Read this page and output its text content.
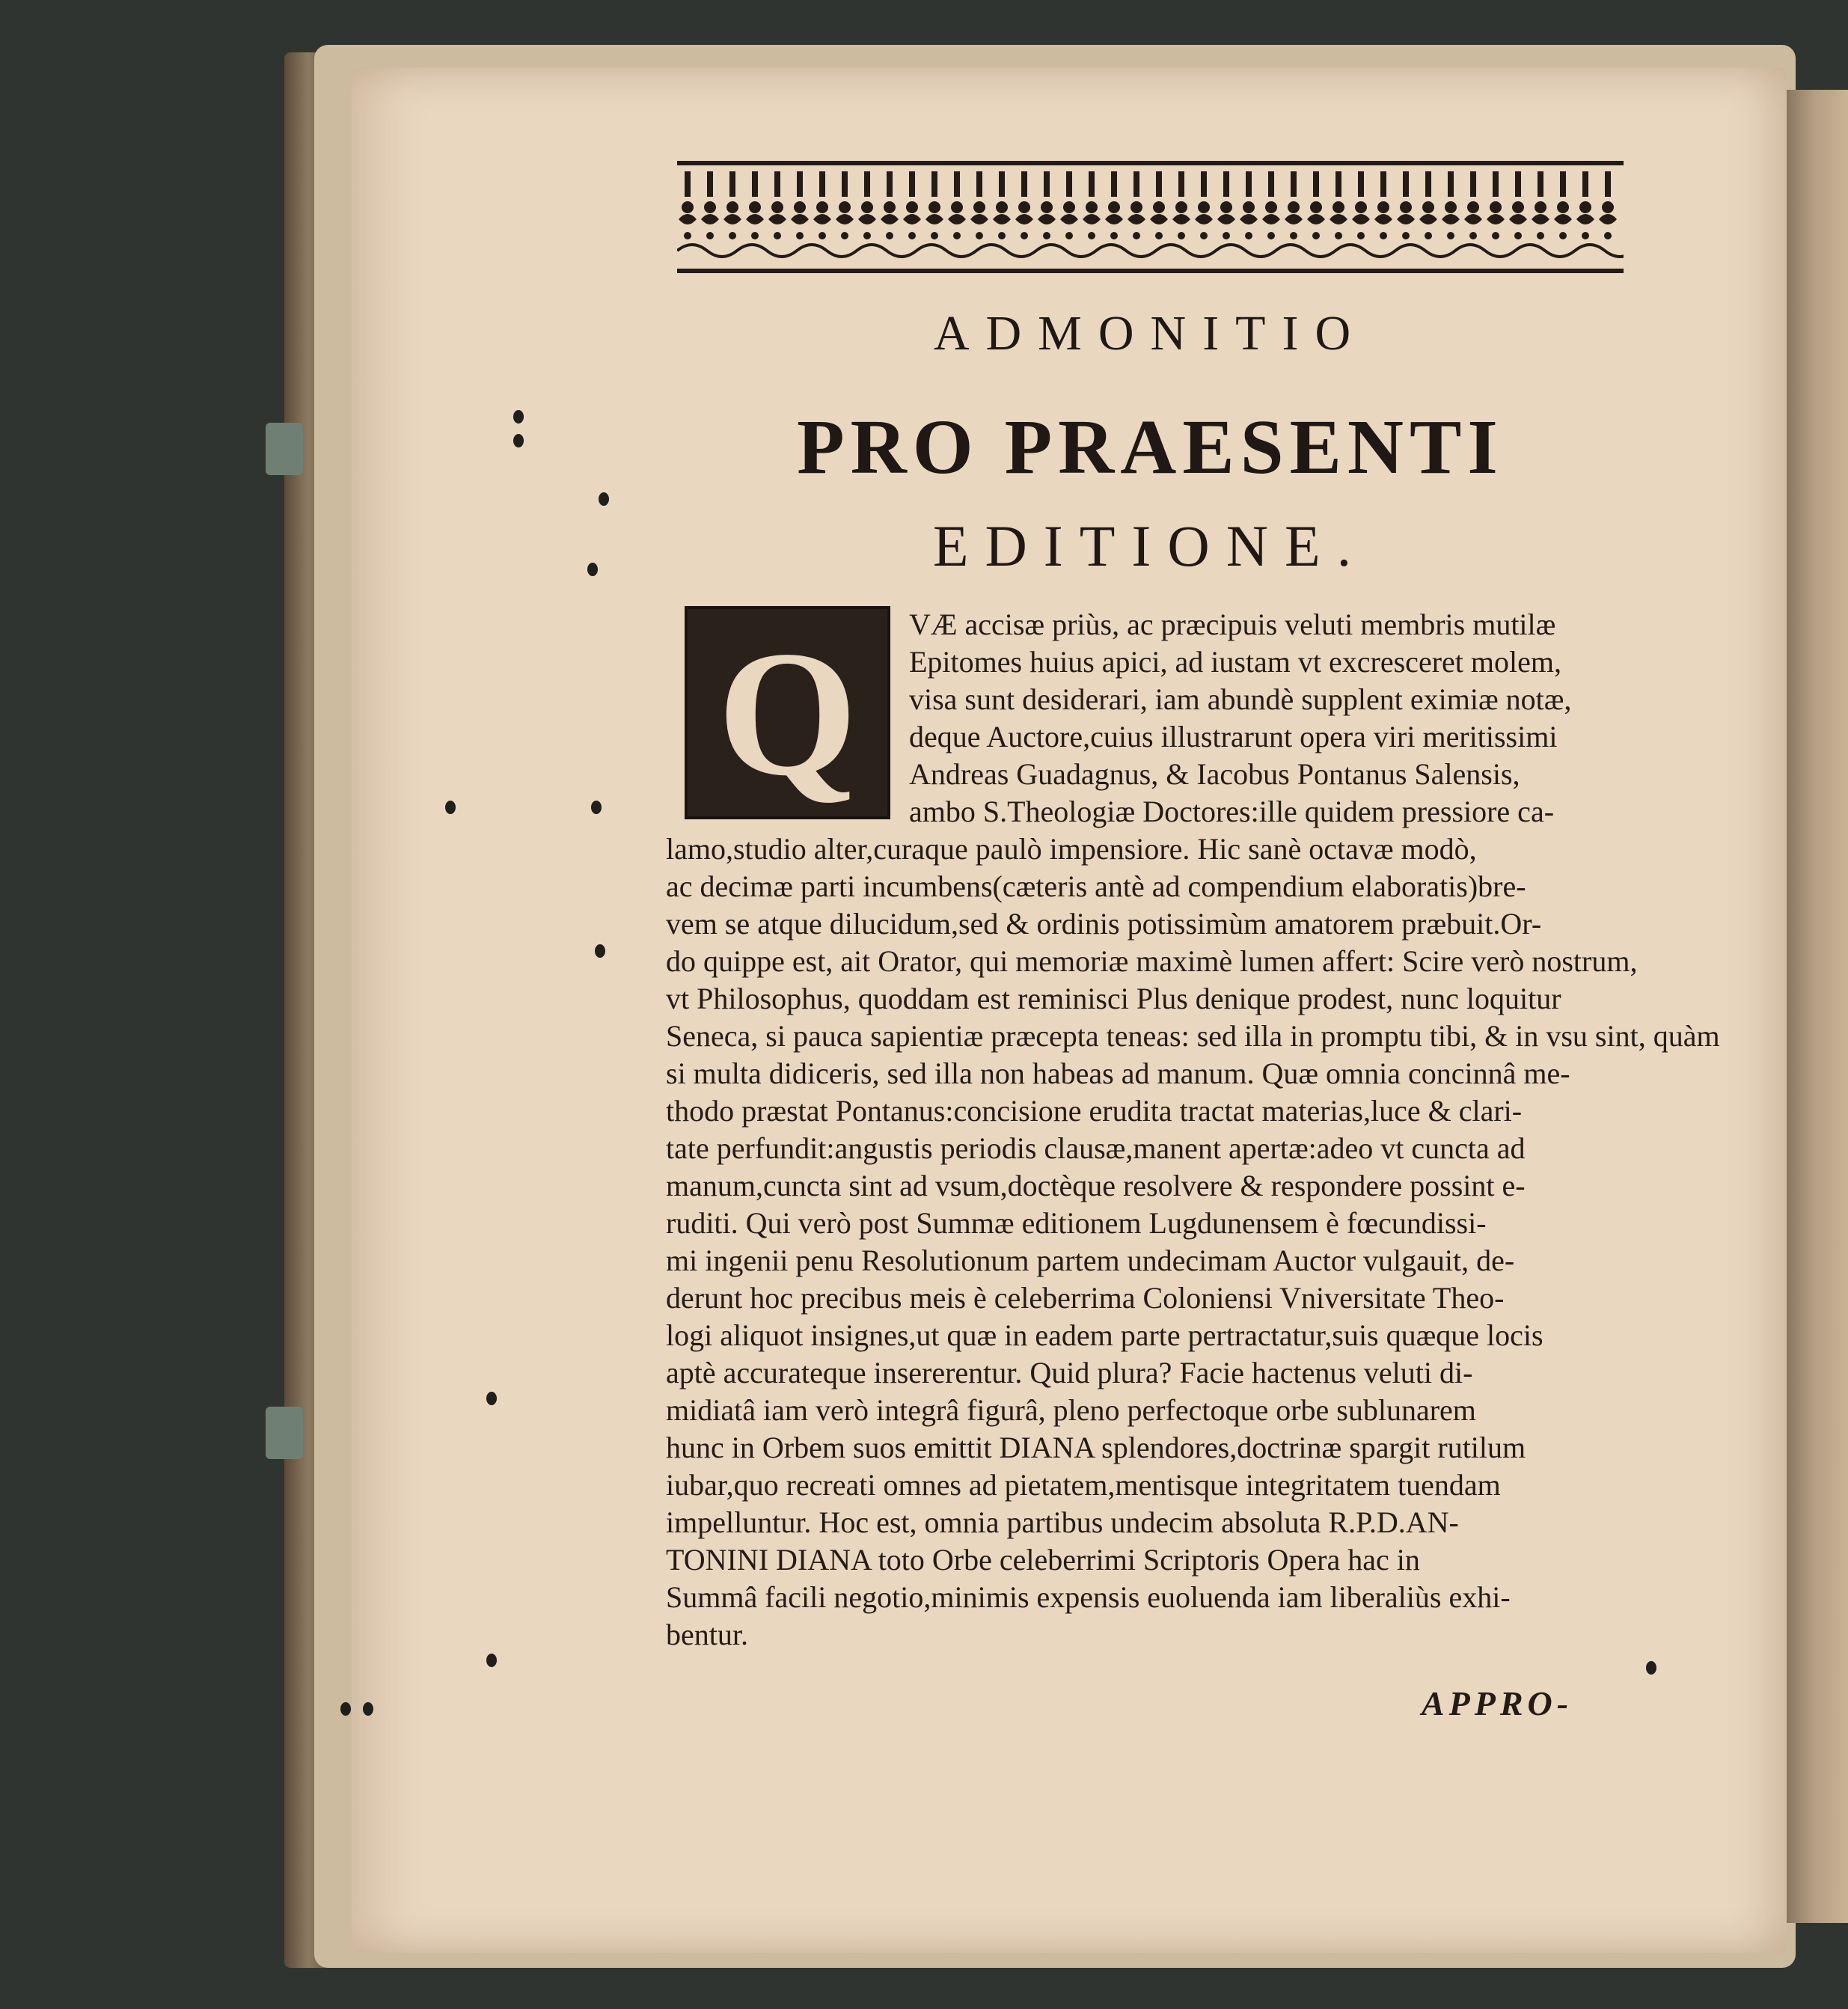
ADMONITIO
PRO PRAESENTI
EDITIONE.
Q	VÆ accisæ priùs, ac præcipuis veluti membris mutilæ
Epitomes huius apici, ad iustam vt excresceret molem,
visa sunt desiderari, iam abundè supplent eximiæ notæ,
deque Auctore,cuius illustrarunt opera viri meritissimi
Andreas Guadagnus, & Iacobus Pontanus Salensis,
ambo S.Theologiæ Doctores:ille quidem pressiore ca-
lamo,studio alter,curaque paulò impensiore. Hic sanè octavæ modò,
ac decimæ parti incumbens(cæteris antè ad compendium elaboratis)bre-
vem se atque dilucidum,sed & ordinis potissimùm amatorem præbuit.Or-
do quippe est, ait Orator, qui memoriæ maximè lumen affert: Scire verò nostrum,
vt Philosophus, quoddam est reminisci Plus denique prodest, nunc loquitur
Seneca, si pauca sapientiæ præcepta teneas: sed illa in promptu tibi, & in vsu sint, quàm
si multa didiceris, sed illa non habeas ad manum. Quæ omnia concinnâ me-
thodo præstat Pontanus:concisione erudita tractat materias,luce & clari-
tate perfundit:angustis periodis clausæ,manent apertæ:adeo vt cuncta ad
manum,cuncta sint ad vsum,doctèque resolvere & respondere possint e-
ruditi. Qui verò post Summæ editionem Lugdunensem è fœcundissi-
mi ingenii penu Resolutionum partem undecimam Auctor vulgauit, de-
derunt hoc precibus meis è celeberrima Coloniensi Vniversitate Theo-
logi aliquot insignes,ut quæ in eadem parte pertractatur,suis quæque locis
aptè accurateque insererentur. Quid plura? Facie hactenus veluti di-
midiatâ iam verò integrâ figurâ, pleno perfectoque orbe sublunarem
hunc in Orbem suos emittit DIANA splendores,doctrinæ spargit rutilum
iubar,quo recreati omnes ad pietatem,mentisque integritatem tuendam
impelluntur. Hoc est, omnia partibus undecim absoluta R.P.D.AN-
TONINI DIANA toto Orbe celeberrimi Scriptoris Opera hac in
Summâ facili negotio,minimis expensis euoluenda iam liberaliùs exhi-
bentur.
APPRO-
